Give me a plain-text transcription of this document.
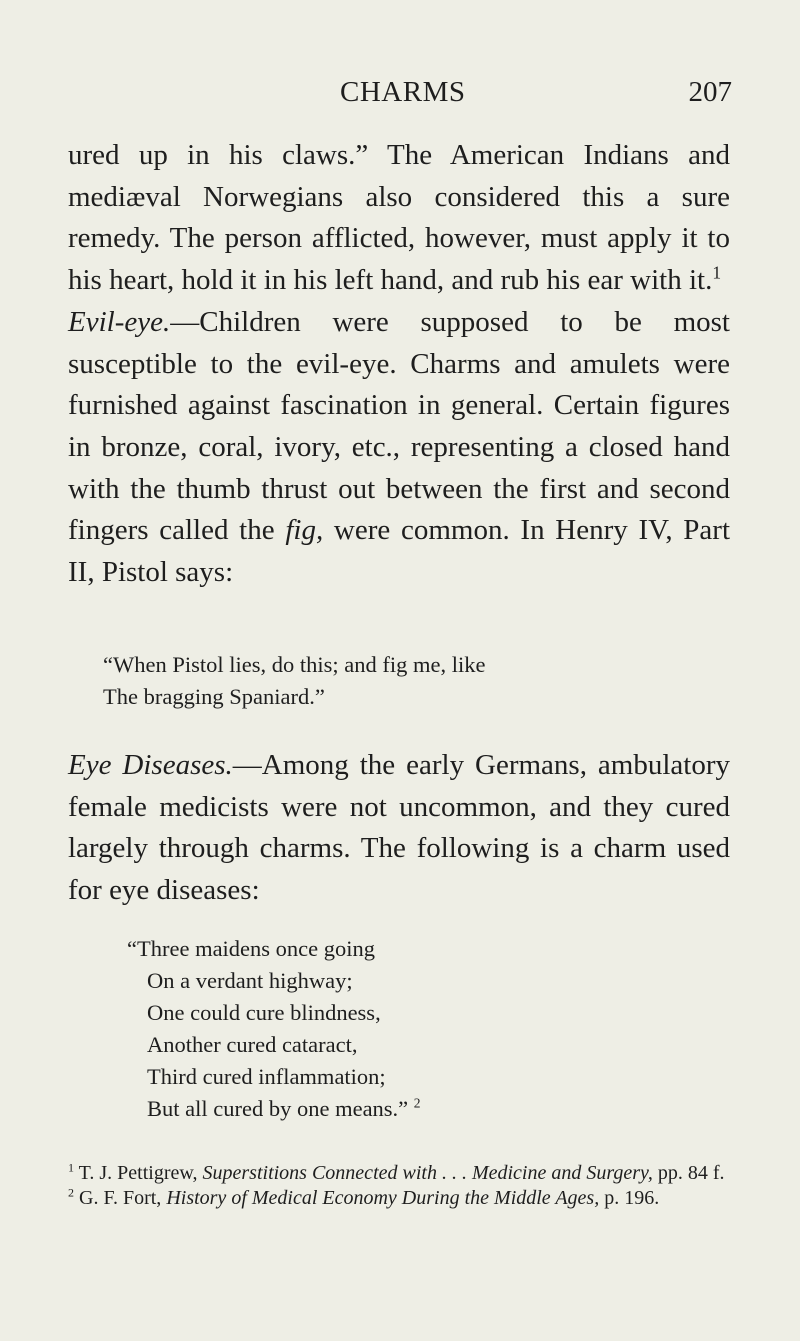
CHARMS	207

ured up in his claws.” The American Indians and mediæval Norwegians also considered this a sure remedy. The person afflicted, however, must apply it to his heart, hold it in his left hand, and rub his ear with it.$^1$

Evil-eye.—Children were supposed to be most susceptible to the evil-eye. Charms and amulets were furnished against fascination in general. Certain figures in bronze, coral, ivory, etc., representing a closed hand with the thumb thrust out between the first and second fingers called the fig, were common. In Henry IV, Part II, Pistol says:

“When Pistol lies, do this; and fig me, like
The bragging Spaniard.”

Eye Diseases.—Among the early Germans, ambulatory female medicists were not uncommon, and they cured largely through charms. The following is a charm used for eye diseases:

“Three maidens once going
On a verdant highway;
One could cure blindness,
Another cured cataract,
Third cured inflammation;
But all cured by one means.” $^2$

$^1$ T. J. Pettigrew, Superstitions Connected with . . . Medicine and Surgery, pp. 84 f.

$^2$ G. F. Fort, History of Medical Economy During the Middle Ages, p. 196.
